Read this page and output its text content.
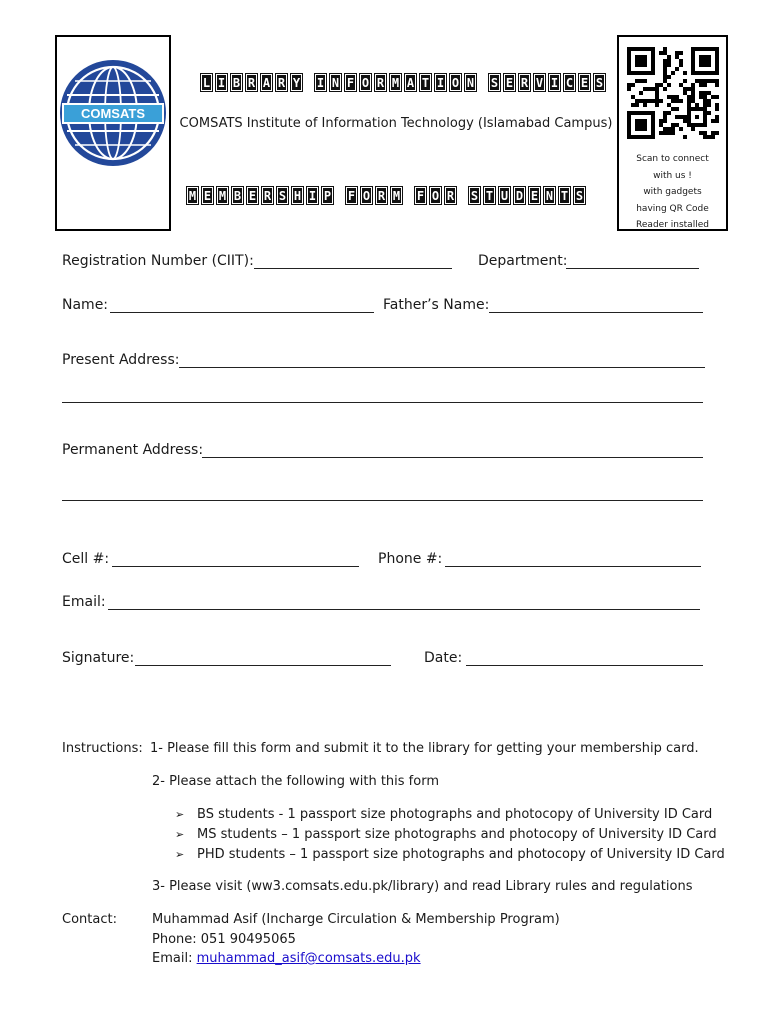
COMSATS
L I B R A R Y I N F O R M A T I O N S E R V I C E S
COMSATS Institute of Information Technology (Islamabad Campus)
M E M B E R S H I P F O R M F O R S T U D E N T S
Scan to connect
with us !
with gadgets
having QR Code
Reader installed
Registration Number (CIIT):	Department:
Name:	Father’s Name:
Present Address:
Permanent Address:
Cell #:	Phone #:
Email:
Signature:	Date:
Instructions: 1- Please fill this form and submit it to the library for getting your membership card.
2- Please attach the following with this form
➢ BS students - 1 passport size photographs and photocopy of University ID Card
➢ MS students – 1 passport size photographs and photocopy of University ID Card
➢ PHD students – 1 passport size photographs and photocopy of University ID Card
3- Please visit (ww3.comsats.edu.pk/library) and read Library rules and regulations
Contact:	Muhammad Asif (Incharge Circulation & Membership Program)
Phone: 051 90495065
Email: muhammad_asif@comsats.edu.pk
